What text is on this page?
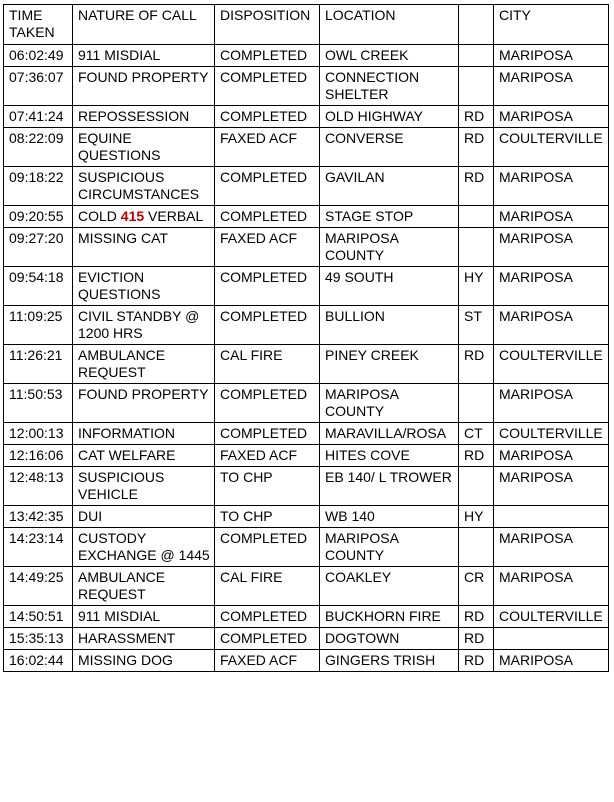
TIME TAKEN	NATURE OF CALL	DISPOSITION	LOCATION		CITY
06:02:49	911 MISDIAL	COMPLETED	OWL CREEK		MARIPOSA
07:36:07	FOUND PROPERTY	COMPLETED	CONNECTION SHELTER		MARIPOSA
07:41:24	REPOSSESSION	COMPLETED	OLD HIGHWAY	RD	MARIPOSA
08:22:09	EQUINE QUESTIONS	FAXED ACF	CONVERSE	RD	COULTERVILLE
09:18:22	SUSPICIOUS CIRCUMSTANCES	COMPLETED	GAVILAN	RD	MARIPOSA
09:20:55	COLD 415 VERBAL	COMPLETED	STAGE STOP		MARIPOSA
09:27:20	MISSING CAT	FAXED ACF	MARIPOSA COUNTY		MARIPOSA
09:54:18	EVICTION QUESTIONS	COMPLETED	49 SOUTH	HY	MARIPOSA
11:09:25	CIVIL STANDBY @ 1200 HRS	COMPLETED	BULLION	ST	MARIPOSA
11:26:21	AMBULANCE REQUEST	CAL FIRE	PINEY CREEK	RD	COULTERVILLE
11:50:53	FOUND PROPERTY	COMPLETED	MARIPOSA COUNTY		MARIPOSA
12:00:13	INFORMATION	COMPLETED	MARAVILLA/ROSA	CT	COULTERVILLE
12:16:06	CAT WELFARE	FAXED ACF	HITES COVE	RD	MARIPOSA
12:48:13	SUSPICIOUS VEHICLE	TO CHP	EB 140/ L TROWER		MARIPOSA
13:42:35	DUI	TO CHP	WB 140	HY	
14:23:14	CUSTODY EXCHANGE @ 1445	COMPLETED	MARIPOSA COUNTY		MARIPOSA
14:49:25	AMBULANCE REQUEST	CAL FIRE	COAKLEY	CR	MARIPOSA
14:50:51	911 MISDIAL	COMPLETED	BUCKHORN FIRE	RD	COULTERVILLE
15:35:13	HARASSMENT	COMPLETED	DOGTOWN	RD	
16:02:44	MISSING DOG	FAXED ACF	GINGERS TRISH	RD	MARIPOSA
